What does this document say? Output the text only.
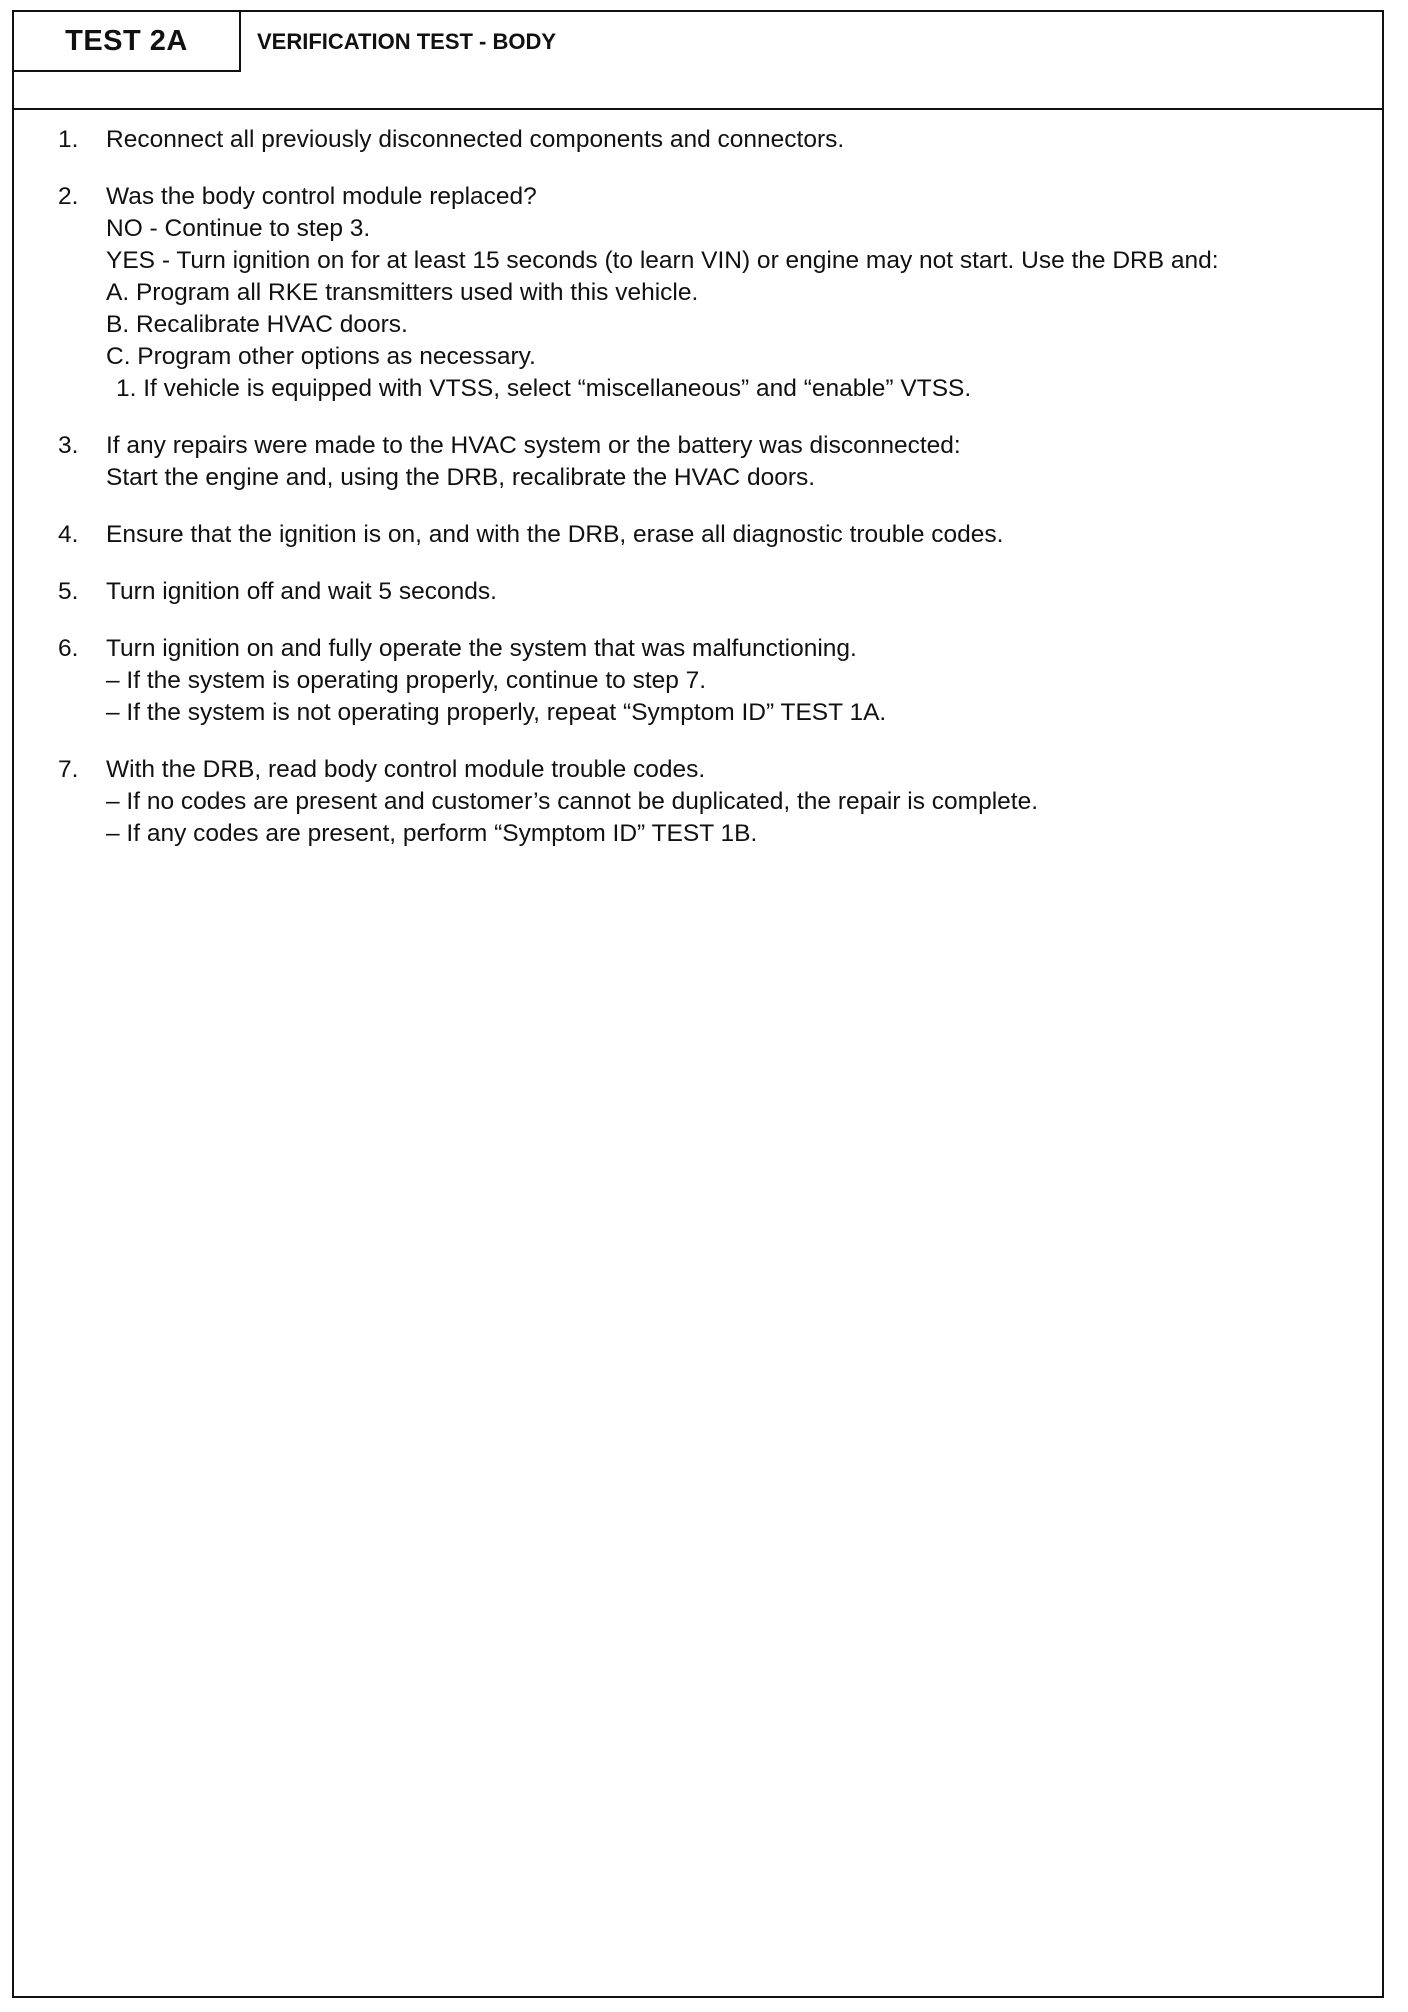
TEST 2A	VERIFICATION TEST - BODY
1. Reconnect all previously disconnected components and connectors.

2. Was the body control module replaced?

NO - Continue to step 3.

YES - Turn ignition on for at least 15 seconds (to learn VIN) or engine may not start. Use the DRB and:

A. Program all RKE transmitters used with this vehicle.

B. Recalibrate HVAC doors.

C. Program other options as necessary.

1. If vehicle is equipped with VTSS, select “miscellaneous” and “enable” VTSS.

3. If any repairs were made to the HVAC system or the battery was disconnected:

Start the engine and, using the DRB, recalibrate the HVAC doors.

4. Ensure that the ignition is on, and with the DRB, erase all diagnostic trouble codes.

5. Turn ignition off and wait 5 seconds.

6. Turn ignition on and fully operate the system that was malfunctioning.

– If the system is operating properly, continue to step 7.

– If the system is not operating properly, repeat “Symptom ID” TEST 1A.

7. With the DRB, read body control module trouble codes.

– If no codes are present and customer’s cannot be duplicated, the repair is complete.

– If any codes are present, perform “Symptom ID” TEST 1B.
